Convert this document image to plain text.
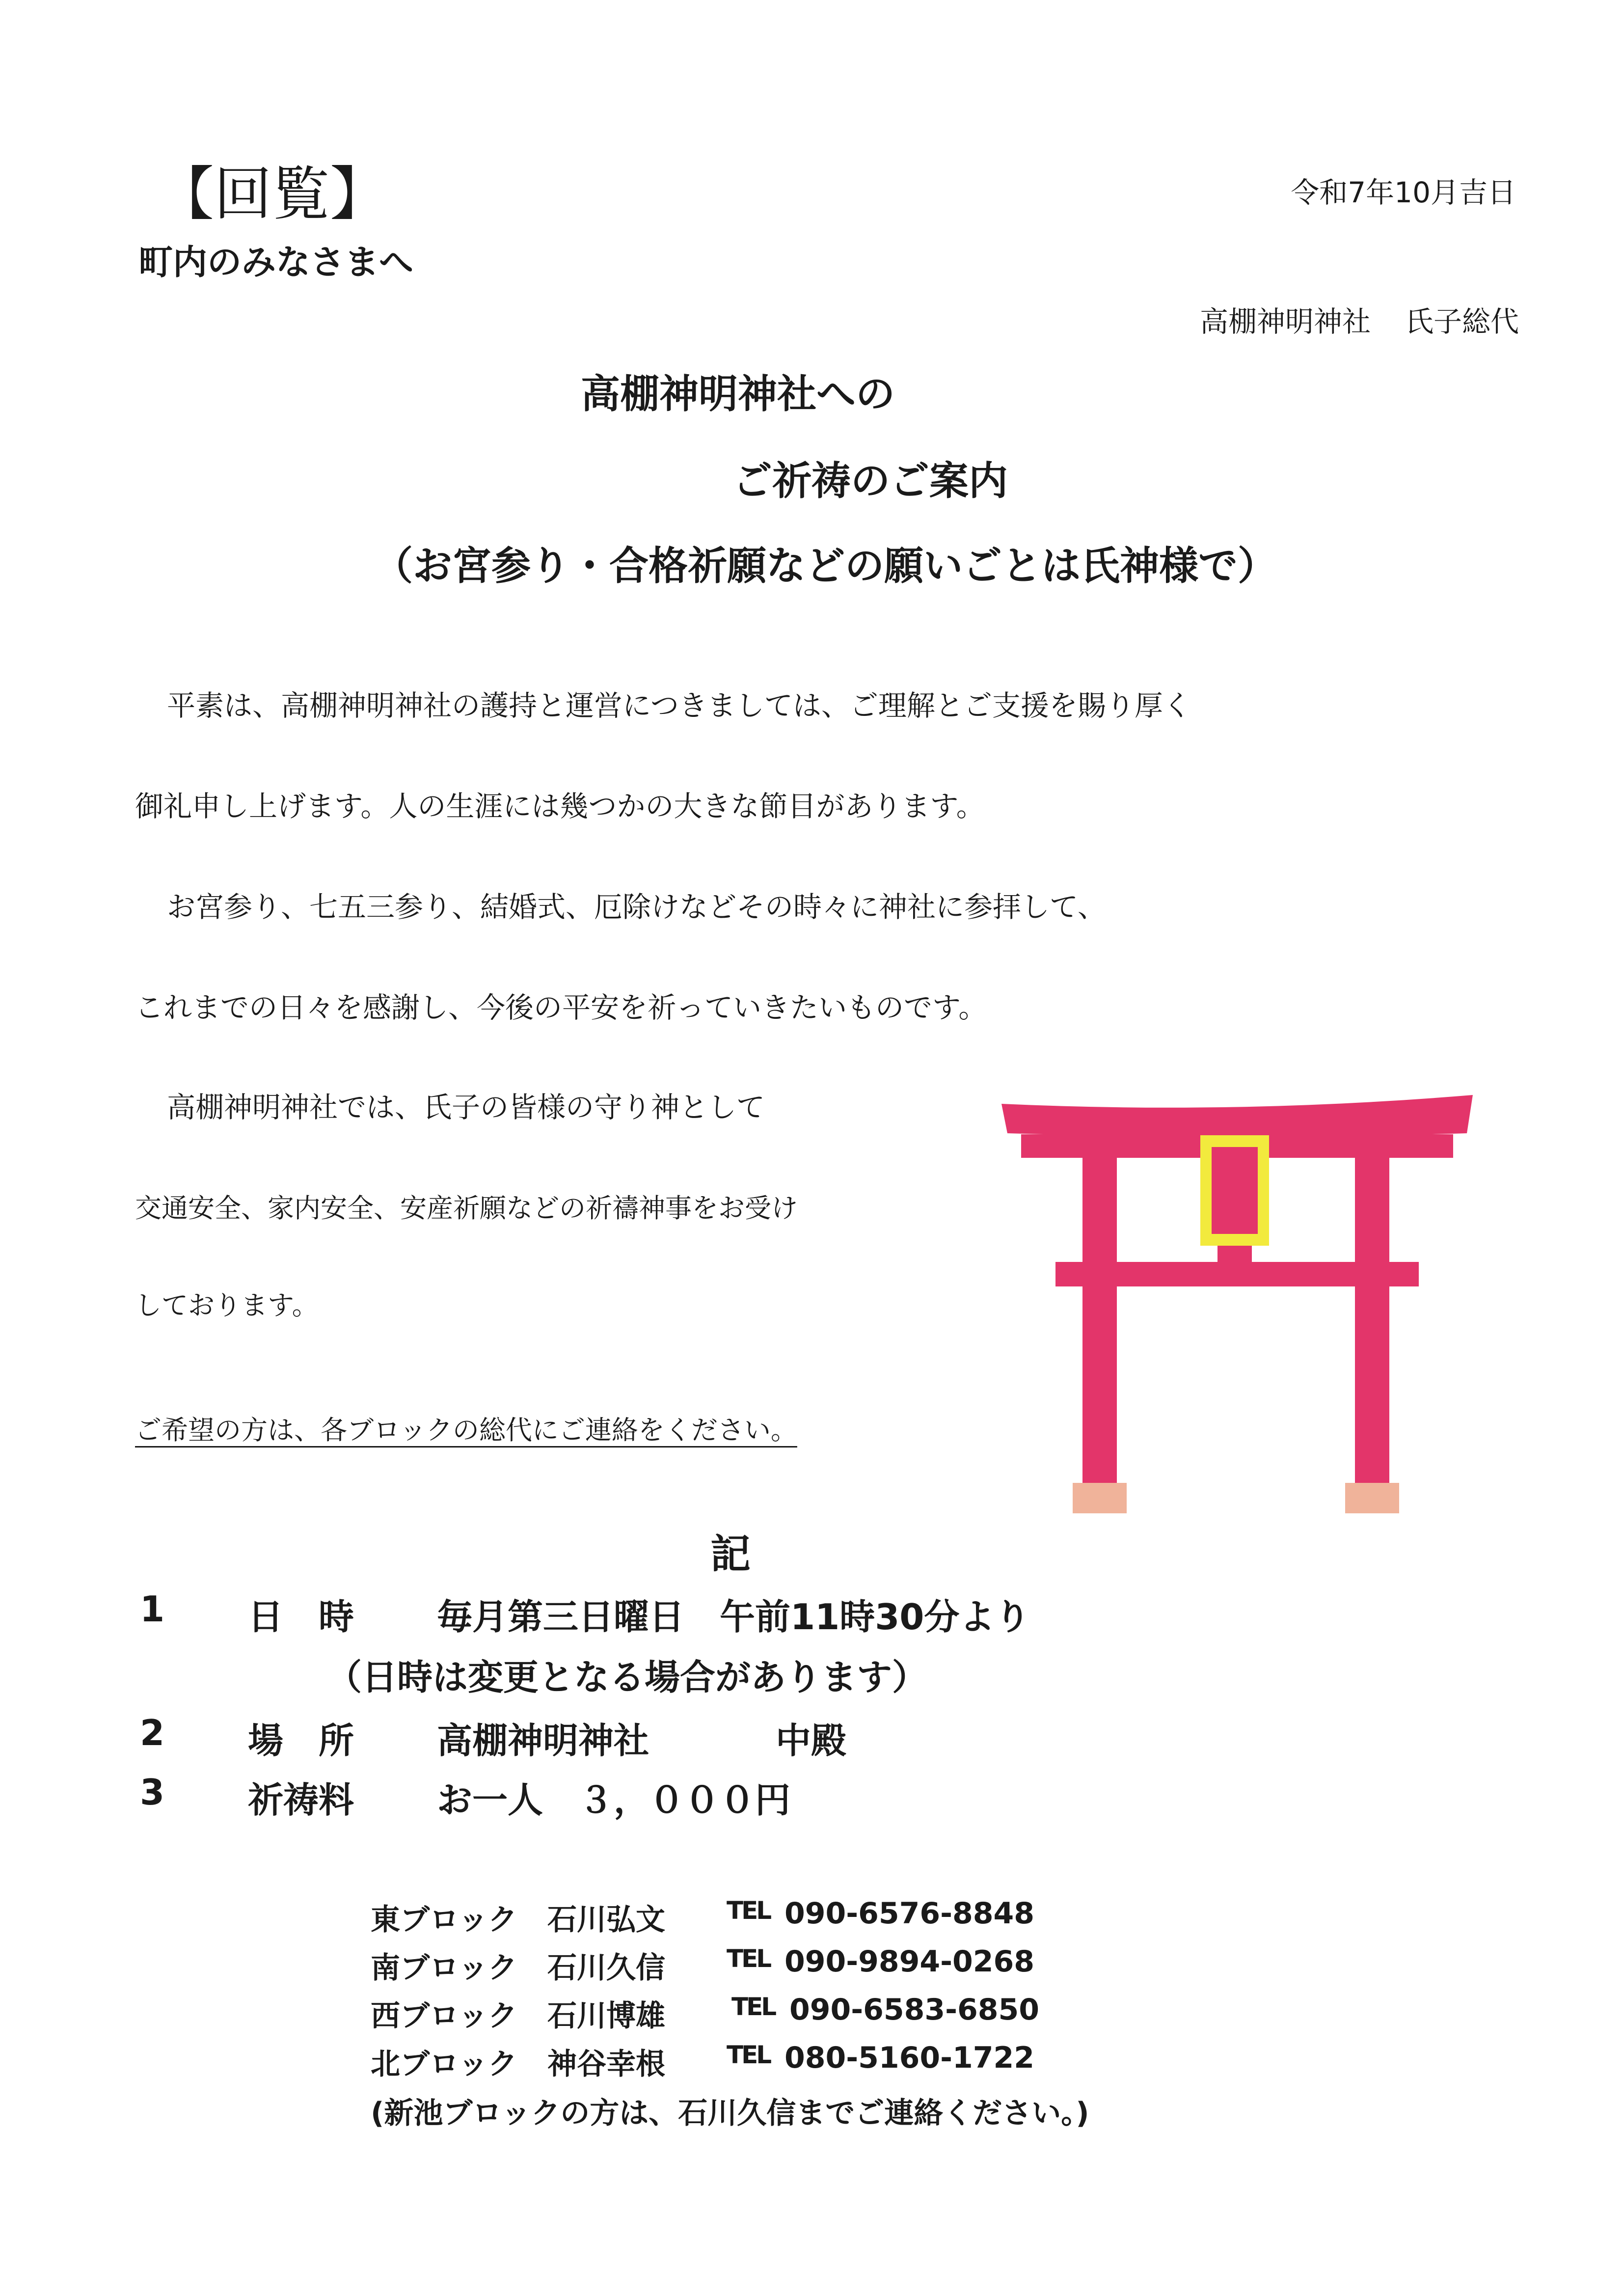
【回覧】	令和7年10月吉日
町内のみなさまへ
高棚神明神社 氏子総代
高棚神明神社への
ご祈祷のご案内
（お宮参り・合格祈願などの願いごとは氏神様で）
平素は、高棚神明神社の護持と運営につきましては、ご理解とご支援を賜り厚く
御礼申し上げます。人の生涯には幾つかの大きな節目があります。
お宮参り、七五三参り、結婚式、厄除けなどその時々に神社に参拝して、
これまでの日々を感謝し、今後の平安を祈っていきたいものです。
高棚神明神社では、氏子の皆様の守り神として
交通安全、家内安全、安産祈願などの祈禱神事をお受け
しております。
ご希望の方は、各ブロックの総代にご連絡をください。
記
1 日　時 毎月第三日曜日　午前11時30分より
（日時は変更となる場合があります）
2 場　所 高棚神明神社	中殿
3 祈祷料 お一人　３，０００円
東ブロック 石川弘文	TEL 090-6576-8848
南ブロック 石川久信	TEL 090-9894-0268
西ブロック 石川博雄	TEL 090-6583-6850
北ブロック 神谷幸根	TEL 080-5160-1722
(新池ブロックの方は、石川久信までご連絡ください。)
